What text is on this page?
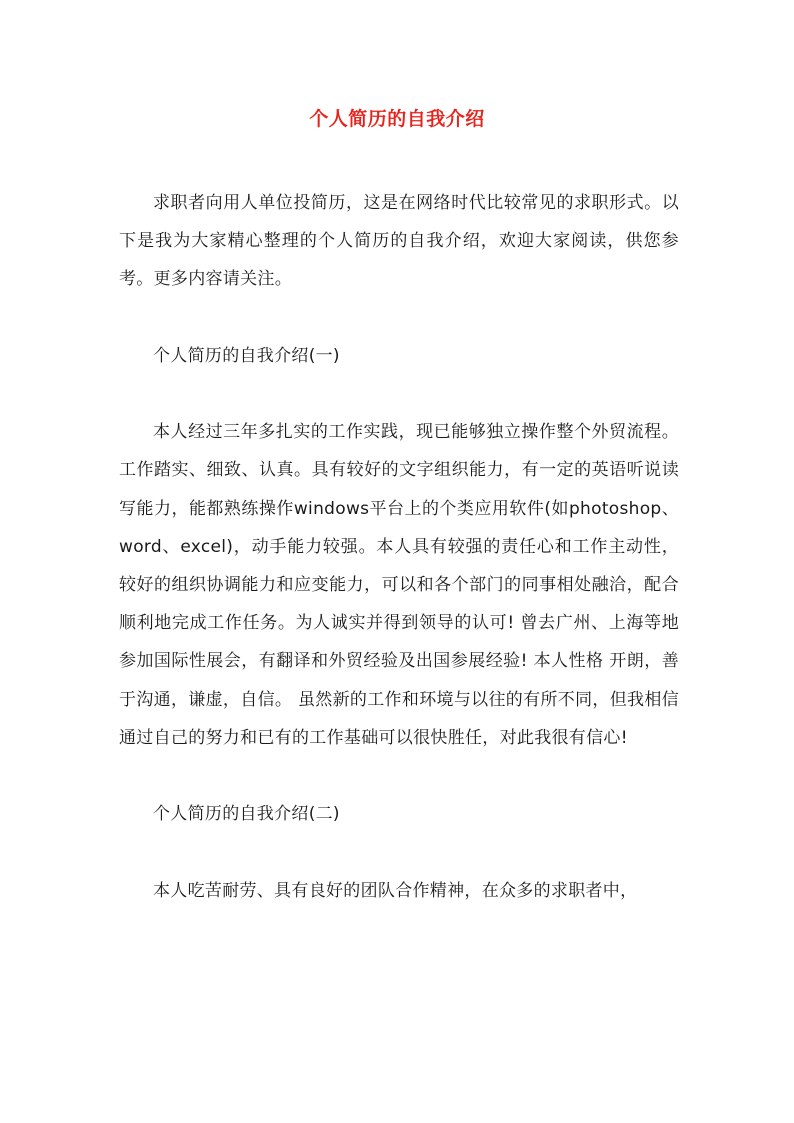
个人简历的自我介绍

求职者向用人单位投简历，这是在网络时代比较常见的求职形式。以下是我为大家精心整理的个人简历的自我介绍，欢迎大家阅读，供您参考。更多内容请关注。

个人简历的自我介绍(一)

本人经过三年多扎实的工作实践，现已能够独立操作整个外贸流程。工作踏实、细致、认真。具有较好的文字组织能力，有一定的英语听说读写能力，能都熟练操作windows平台上的个类应用软件(如photoshop、word、excel)，动手能力较强。本人具有较强的责任心和工作主动性，较好的组织协调能力和应变能力，可以和各个部门的同事相处融洽，配合顺利地完成工作任务。为人诚实并得到领导的认可! 曾去广州、上海等地参加国际性展会，有翻译和外贸经验及出国参展经验! 本人性格 开朗，善于沟通，谦虚，自信。 虽然新的工作和环境与以往的有所不同，但我相信通过自己的努力和已有的工作基础可以很快胜任，对此我很有信心!

个人简历的自我介绍(二)

本人吃苦耐劳、具有良好的团队合作精神，在众多的求职者中，
